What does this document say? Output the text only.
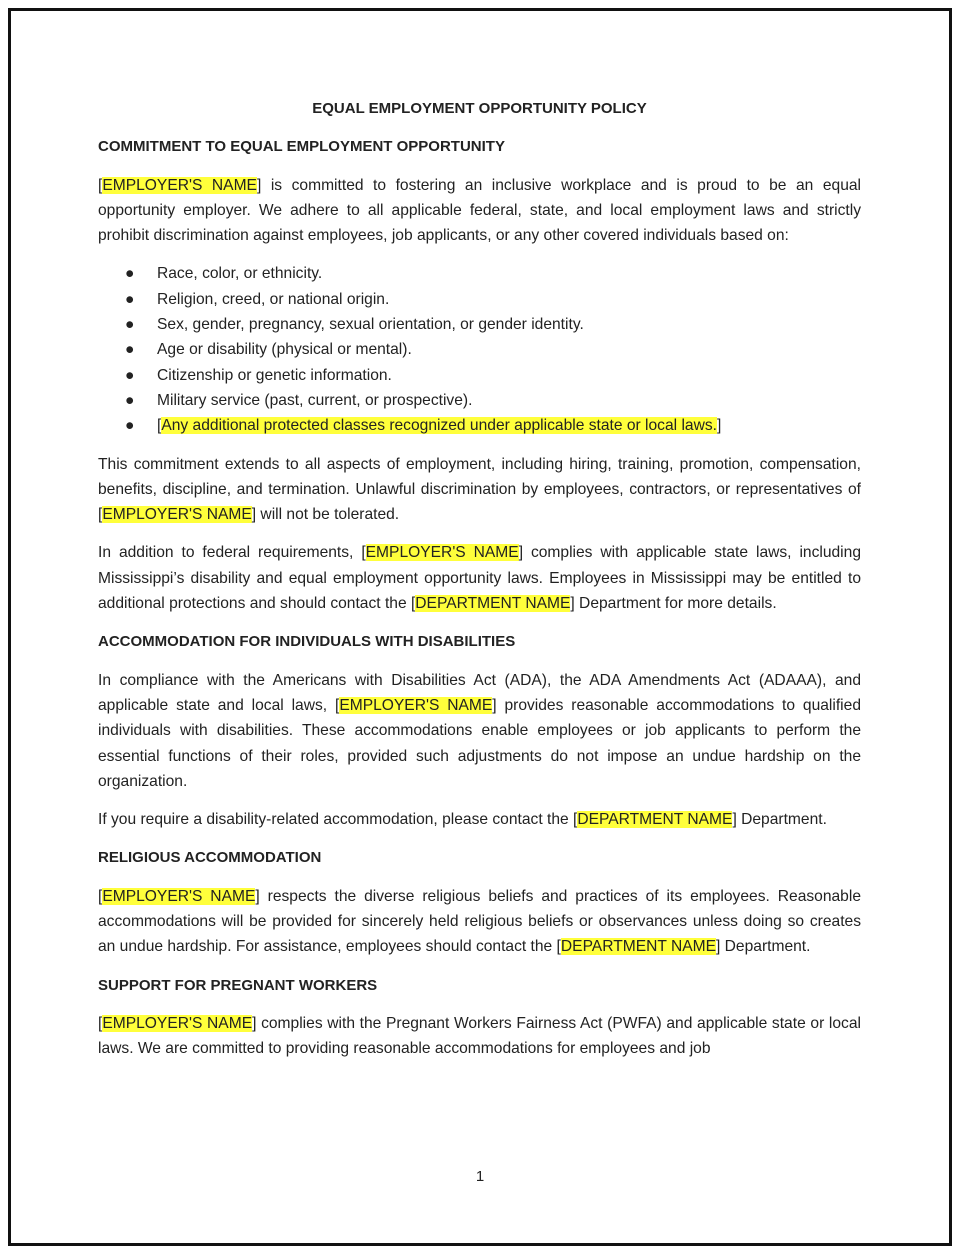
EQUAL EMPLOYMENT OPPORTUNITY POLICY
COMMITMENT TO EQUAL EMPLOYMENT OPPORTUNITY

[EMPLOYER'S NAME] is committed to fostering an inclusive workplace and is proud to be an equal opportunity employer. We adhere to all applicable federal, state, and local employment laws and strictly prohibit discrimination against employees, job applicants, or any other covered individuals based on:

● Race, color, or ethnicity.
● Religion, creed, or national origin.
● Sex, gender, pregnancy, sexual orientation, or gender identity.
● Age or disability (physical or mental).
● Citizenship or genetic information.
● Military service (past, current, or prospective).
● [Any additional protected classes recognized under applicable state or local laws.]

This commitment extends to all aspects of employment, including hiring, training, promotion, compensation, benefits, discipline, and termination. Unlawful discrimination by employees, contractors, or representatives of [EMPLOYER'S NAME] will not be tolerated.

In addition to federal requirements, [EMPLOYER'S NAME] complies with applicable state laws, including Mississippi’s disability and equal employment opportunity laws. Employees in Mississippi may be entitled to additional protections and should contact the [DEPARTMENT NAME] Department for more details.

ACCOMMODATION FOR INDIVIDUALS WITH DISABILITIES

In compliance with the Americans with Disabilities Act (ADA), the ADA Amendments Act (ADAAA), and applicable state and local laws, [EMPLOYER'S NAME] provides reasonable accommodations to qualified individuals with disabilities. These accommodations enable employees or job applicants to perform the essential functions of their roles, provided such adjustments do not impose an undue hardship on the organization.

If you require a disability-related accommodation, please contact the [DEPARTMENT NAME] Department.

RELIGIOUS ACCOMMODATION

[EMPLOYER'S NAME] respects the diverse religious beliefs and practices of its employees. Reasonable accommodations will be provided for sincerely held religious beliefs or observances unless doing so creates an undue hardship. For assistance, employees should contact the [DEPARTMENT NAME] Department.

SUPPORT FOR PREGNANT WORKERS

[EMPLOYER'S NAME] complies with the Pregnant Workers Fairness Act (PWFA) and applicable state or local laws. We are committed to providing reasonable accommodations for employees and job

1
